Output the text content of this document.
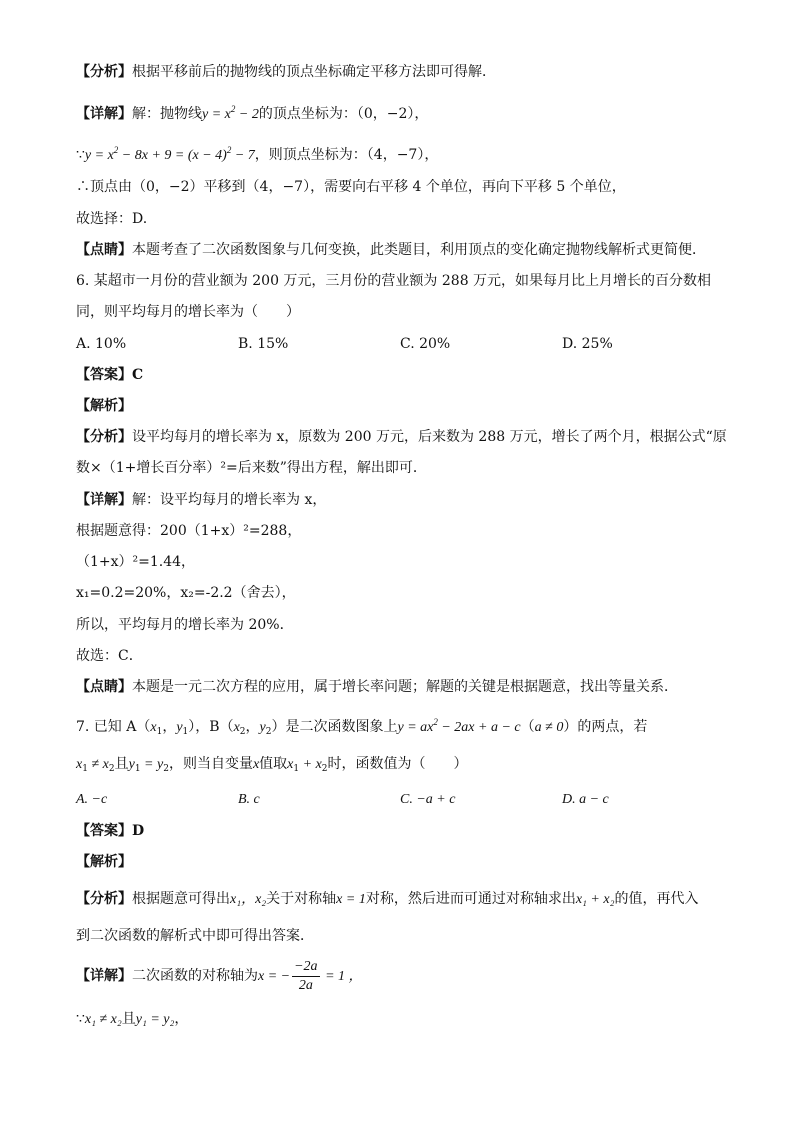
【分析】根据平移前后的抛物线的顶点坐标确定平移方法即可得解．
【详解】解：抛物线$y = x^2 - 2$的顶点坐标为：（0，−2），
∵y = $x^2 - 8x + 9 = (x - 4)^2 - 7$，则顶点坐标为：（4，−7），
∴顶点由（0，−2）平移到（4，−7），需要向右平移 4 个单位，再向下平移 5 个单位，
故选择：D.
【点睛】本题考查了二次函数图象与几何变换，此类题目，利用顶点的变化确定抛物线解析式更简便．
6. 某超市一月份的营业额为 200 万元，三月份的营业额为 288 万元，如果每月比上月增长的百分数相
同，则平均每月的增长率为（　　）
A. 10%	B. 15%	C. 20%	D. 25%
【答案】C
【解析】
【分析】设平均每月的增长率为 x，原数为 200 万元，后来数为 288 万元，增长了两个月，根据公式“原
数×（1+增长百分率）²=后来数”得出方程，解出即可．
【详解】解：设平均每月的增长率为 x，
根据题意得：200（1+x）²=288，
（1+x）²=1.44，
x₁=0.2=20%，x₂=-2.2（舍去），
所以，平均每月的增长率为 20%．
故选：C．
【点睛】本题是一元二次方程的应用，属于增长率问题；解题的关键是根据题意，找出等量关系．
7. 已知 $A(x_1$，$y_1$），$B(x_2$，$y_2$）是二次函数图象上$y = ax^2 - 2ax + a - c(a \ne 0)$的两点，若
$x_1 \ne x_2$且$y_1 = y_2$，则当自变量x值取$x_1 + x_2$时，函数值为（　　）
A. −c	B. c	C. −a + c	D. a − c
【答案】D
【解析】
【分析】根据题意可得出x₁，x₂关于对称轴x = 1对称，然后进而可通过对称轴求出x₁ + x₂的值，再代入
到二次函数的解析式中即可得出答案．
【详解】二次函数的对称轴为x = − $\frac{-2a}{2a} = 1$ ，
∵x₁ ≠ x₂且y₁ = y₂，
